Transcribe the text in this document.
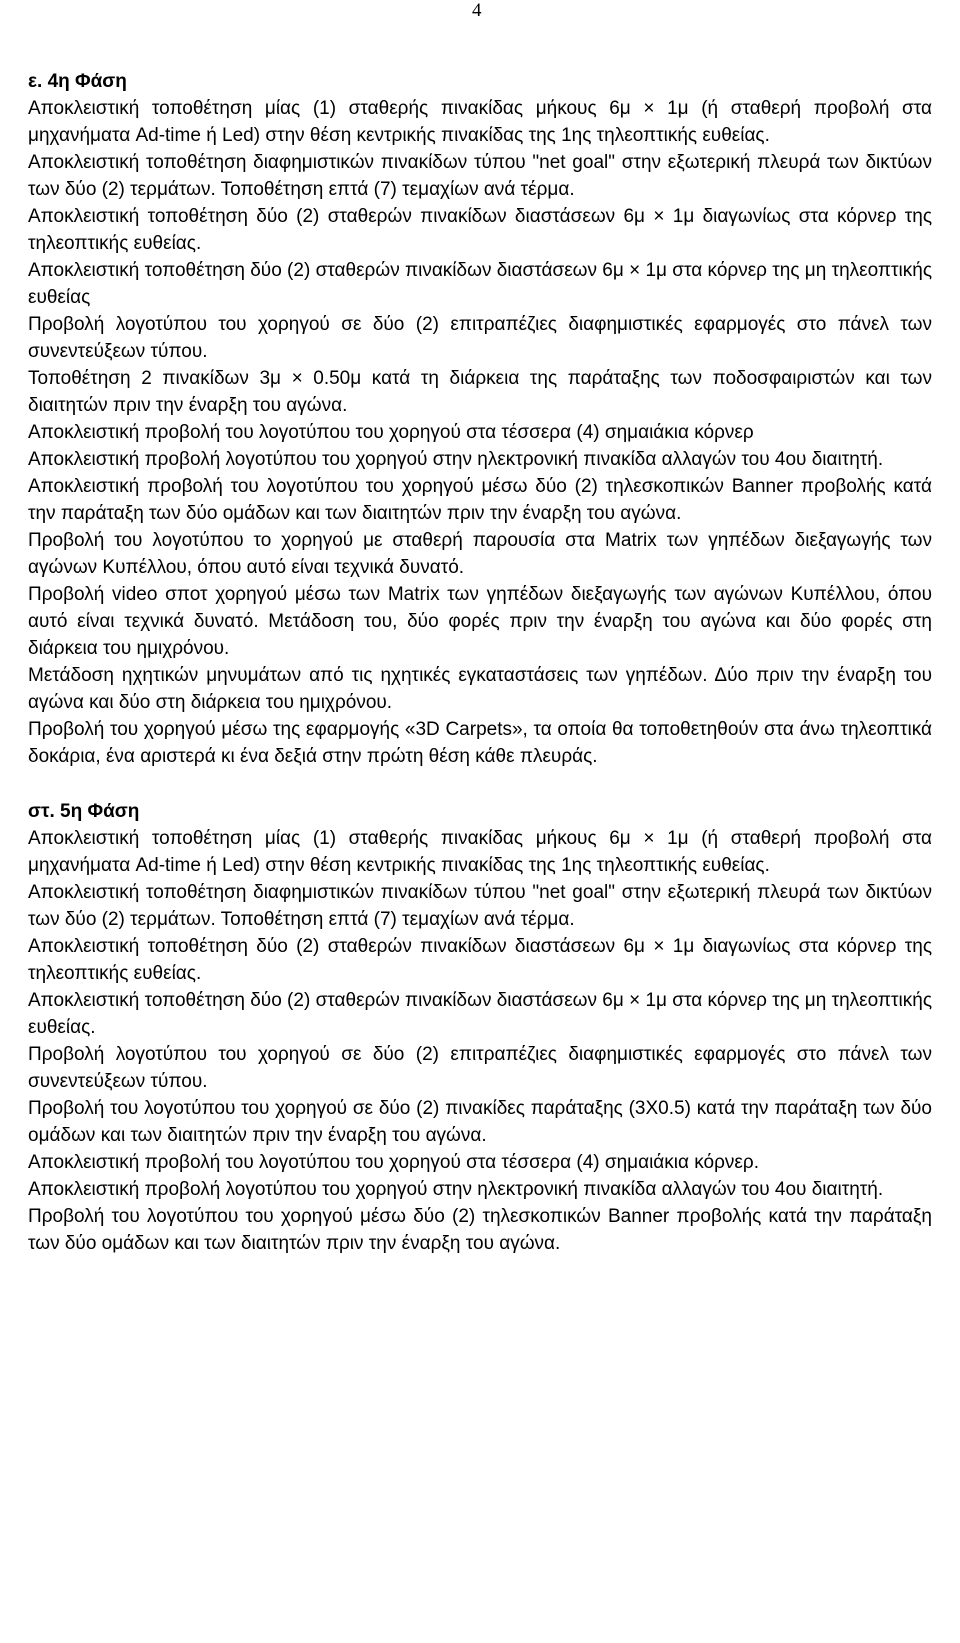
4

ε. 4η Φάση

Αποκλειστική τοποθέτηση μίας (1) σταθερής πινακίδας μήκους 6μ × 1μ (ή σταθερή προβολή στα μηχανήματα Ad-time ή Led) στην θέση κεντρικής πινακίδας της 1ης τηλεοπτικής ευθείας.

Αποκλειστική τοποθέτηση διαφημιστικών πινακίδων τύπου "net goal" στην εξωτερική πλευρά των δικτύων των δύο (2) τερμάτων. Τοποθέτηση επτά (7) τεμαχίων ανά τέρμα.

Αποκλειστική τοποθέτηση δύο (2) σταθερών πινακίδων διαστάσεων 6μ × 1μ διαγωνίως στα κόρνερ της τηλεοπτικής ευθείας.

Αποκλειστική τοποθέτηση δύο (2) σταθερών πινακίδων διαστάσεων 6μ × 1μ στα κόρνερ της μη τηλεοπτικής ευθείας

Προβολή λογοτύπου του χορηγού σε δύο (2) επιτραπέζιες διαφημιστικές εφαρμογές στο πάνελ των συνεντεύξεων τύπου.

Τοποθέτηση 2 πινακίδων 3μ × 0.50μ κατά τη διάρκεια της παράταξης των ποδοσφαιριστών και των διαιτητών πριν την έναρξη του αγώνα.

Αποκλειστική προβολή του λογοτύπου του χορηγού στα τέσσερα (4) σημαιάκια κόρνερ

Αποκλειστική προβολή λογοτύπου του χορηγού στην ηλεκτρονική πινακίδα αλλαγών του 4ου διαιτητή.

Αποκλειστική προβολή του λογοτύπου του χορηγού μέσω δύο (2) τηλεσκοπικών Banner προβολής κατά την παράταξη των δύο ομάδων και των διαιτητών πριν την έναρξη του αγώνα.

Προβολή του λογοτύπου το χορηγού με σταθερή παρουσία στα Matrix των γηπέδων διεξαγωγής των αγώνων Κυπέλλου, όπου αυτό είναι τεχνικά δυνατό.

Προβολή video σποτ χορηγού μέσω των Matrix των γηπέδων διεξαγωγής των αγώνων Κυπέλλου, όπου αυτό είναι τεχνικά δυνατό. Μετάδοση του, δύο φορές πριν την έναρξη του αγώνα και δύο φορές στη διάρκεια του ημιχρόνου.

Μετάδοση ηχητικών μηνυμάτων από τις ηχητικές εγκαταστάσεις των γηπέδων. Δύο πριν την έναρξη του αγώνα και δύο στη διάρκεια του ημιχρόνου.

Προβολή του χορηγού μέσω της εφαρμογής «3D Carpets», τα οποία θα τοποθετηθούν στα άνω τηλεοπτικά δοκάρια, ένα αριστερά κι ένα δεξιά στην πρώτη θέση κάθε πλευράς.

στ. 5η Φάση

Αποκλειστική τοποθέτηση μίας (1) σταθερής πινακίδας μήκους 6μ × 1μ (ή σταθερή προβολή στα μηχανήματα Ad-time ή Led) στην θέση κεντρικής πινακίδας της 1ης τηλεοπτικής ευθείας.

Αποκλειστική τοποθέτηση διαφημιστικών πινακίδων τύπου "net goal" στην εξωτερική πλευρά των δικτύων των δύο (2) τερμάτων. Τοποθέτηση επτά (7) τεμαχίων ανά τέρμα.

Αποκλειστική τοποθέτηση δύο (2) σταθερών πινακίδων διαστάσεων 6μ × 1μ διαγωνίως στα κόρνερ της τηλεοπτικής ευθείας.

Αποκλειστική τοποθέτηση δύο (2) σταθερών πινακίδων διαστάσεων 6μ × 1μ στα κόρνερ της μη τηλεοπτικής ευθείας.

Προβολή λογοτύπου του χορηγού σε δύο (2) επιτραπέζιες διαφημιστικές εφαρμογές στο πάνελ των συνεντεύξεων τύπου.

Προβολή του λογοτύπου του χορηγού σε δύο (2) πινακίδες παράταξης (3Χ0.5) κατά την παράταξη των δύο ομάδων και των διαιτητών πριν την έναρξη του αγώνα.

Αποκλειστική προβολή του λογοτύπου του χορηγού στα τέσσερα (4) σημαιάκια κόρνερ.

Αποκλειστική προβολή λογοτύπου του χορηγού στην ηλεκτρονική πινακίδα αλλαγών του 4ου διαιτητή.

Προβολή του λογοτύπου του χορηγού μέσω δύο (2) τηλεσκοπικών Banner προβολής κατά την παράταξη των δύο ομάδων και των διαιτητών πριν την έναρξη του αγώνα.
